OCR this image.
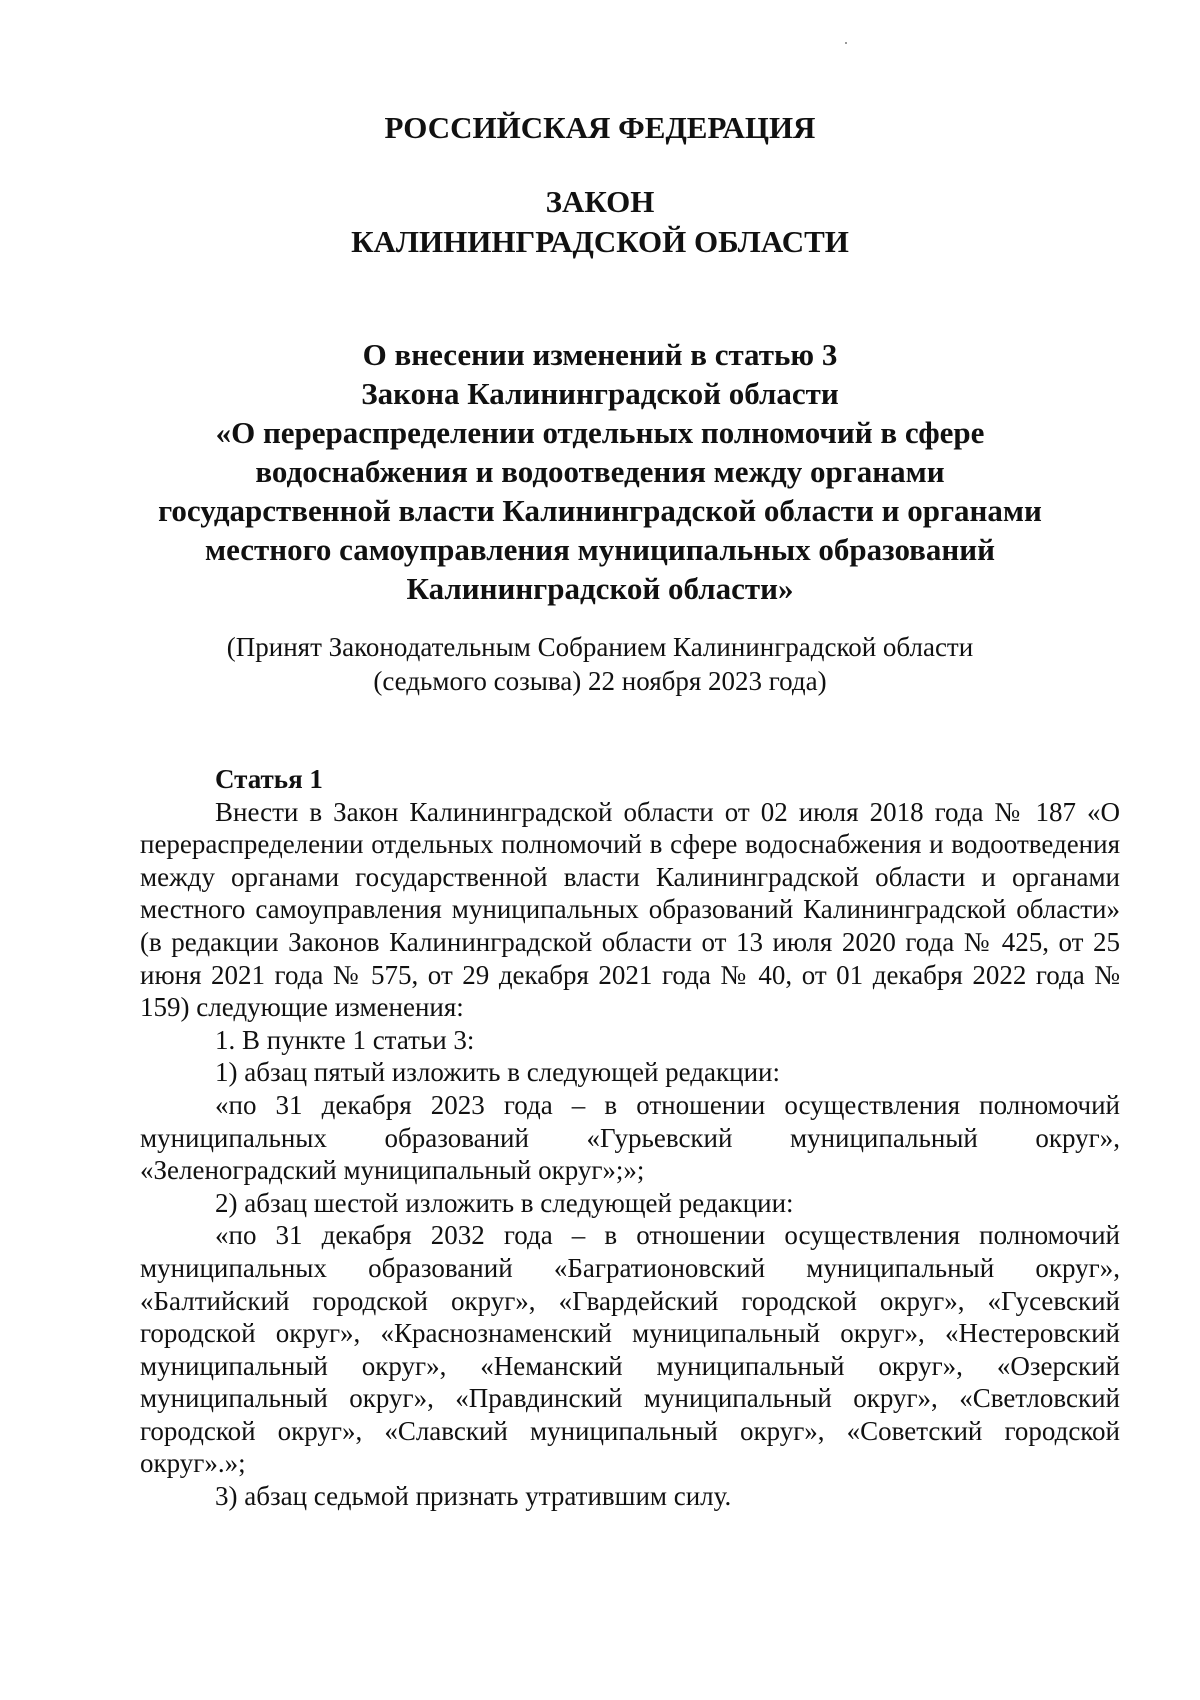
РОССИЙСКАЯ ФЕДЕРАЦИЯ
ЗАКОН
КАЛИНИНГРАДСКОЙ ОБЛАСТИ
О внесении изменений в статью 3
Закона Калининградской области
«О перераспределении отдельных полномочий в сфере
водоснабжения и водоотведения между органами
государственной власти Калининградской области и органами
местного самоуправления муниципальных образований
Калининградской области»
(Принят Законодательным Собранием Калининградской области
(седьмого созыва) 22 ноября 2023 года)
Статья 1

Внести в Закон Калининградской области от 02 июля 2018 года № 187 «О перераспределении отдельных полномочий в сфере водоснабжения и водоотведения между органами государственной власти Калининградской области и органами местного самоуправления муниципальных образований Калининградской области» (в редакции Законов Калининградской области от 13 июля 2020 года № 425, от 25 июня 2021 года № 575, от 29 декабря 2021 года № 40, от 01 декабря 2022 года № 159) следующие изменения:

1. В пункте 1 статьи 3:

1) абзац пятый изложить в следующей редакции:

«по 31 декабря 2023 года – в отношении осуществления полномочий муниципальных образований «Гурьевский муниципальный округ», «Зеленоградский муниципальный округ»;»;

2) абзац шестой изложить в следующей редакции:

«по 31 декабря 2032 года – в отношении осуществления полномочий муниципальных образований «Багратионовский муниципальный округ», «Балтийский городской округ», «Гвардейский городской округ», «Гусевский городской округ», «Краснознаменский муниципальный округ», «Нестеровский муниципальный округ», «Неманский муниципальный округ», «Озерский муниципальный округ», «Правдинский муниципальный округ», «Светловский городской округ», «Славский муниципальный округ», «Советский городской округ».»;

3) абзац седьмой признать утратившим силу.
